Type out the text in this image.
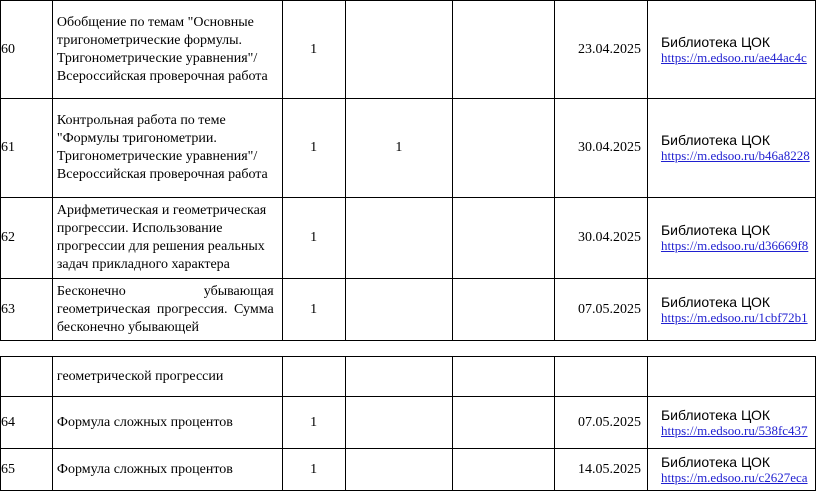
60	Обобщение по темам "Основные тригонометрические формулы. Тригонометрические уравнения"/Всероссийская проверочная работа	1			23.04.2025	Библиотека ЦОК
https://m.edsoo.ru/ae44ac4c

61	Контрольная работа по теме "Формулы тригонометрии. Тригонометрические уравнения"/Всероссийская проверочная работа	1	1		30.04.2025	Библиотека ЦОК
https://m.edsoo.ru/b46a8228

62	Арифметическая и геометрическая прогрессии. Использование прогрессии для решения реальных задач прикладного характера	1			30.04.2025	Библиотека ЦОК
https://m.edsoo.ru/d36669f8

63	Бесконечно убывающая геометрическая прогрессия. Сумма бесконечно убывающей	1			07.05.2025	Библиотека ЦОК
https://m.edsoo.ru/1cbf72b1
	геометрической прогрессии					
64	Формула сложных процентов	1			07.05.2025	Библиотека ЦОК
https://m.edsoo.ru/538fc437

65	Формула сложных процентов	1			14.05.2025	Библиотека ЦОК
https://m.edsoo.ru/c2627eca
